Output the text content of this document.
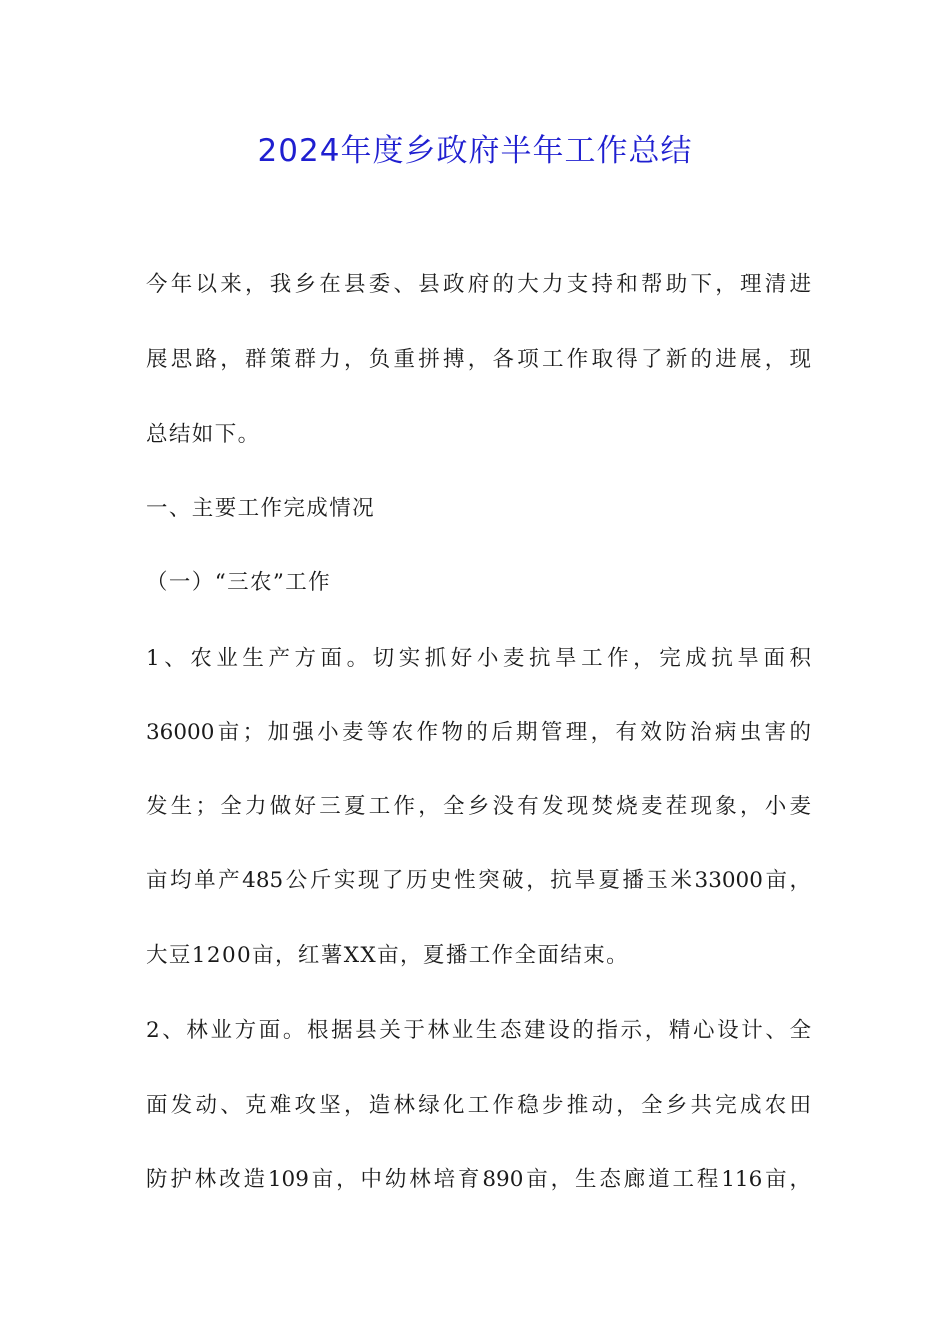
2024年度乡政府半年工作总结
今年以来，我乡在县委、县政府的大力支持和帮助下，理清进
展思路，群策群力，负重拼搏，各项工作取得了新的进展，现
总结如下。
一、主要工作完成情况
（一）“三农”工作
1、农业生产方面。切实抓好小麦抗旱工作，完成抗旱面积
36000亩；加强小麦等农作物的后期管理，有效防治病虫害的
发生；全力做好三夏工作，全乡没有发现焚烧麦茬现象，小麦
亩均单产485公斤实现了历史性突破，抗旱夏播玉米33000亩，
大豆1200亩，红薯XX亩，夏播工作全面结束。
2、林业方面。根据县关于林业生态建设的指示，精心设计、全
面发动、克难攻坚，造林绿化工作稳步推动，全乡共完成农田
防护林改造109亩，中幼林培育890亩，生态廊道工程116亩，
